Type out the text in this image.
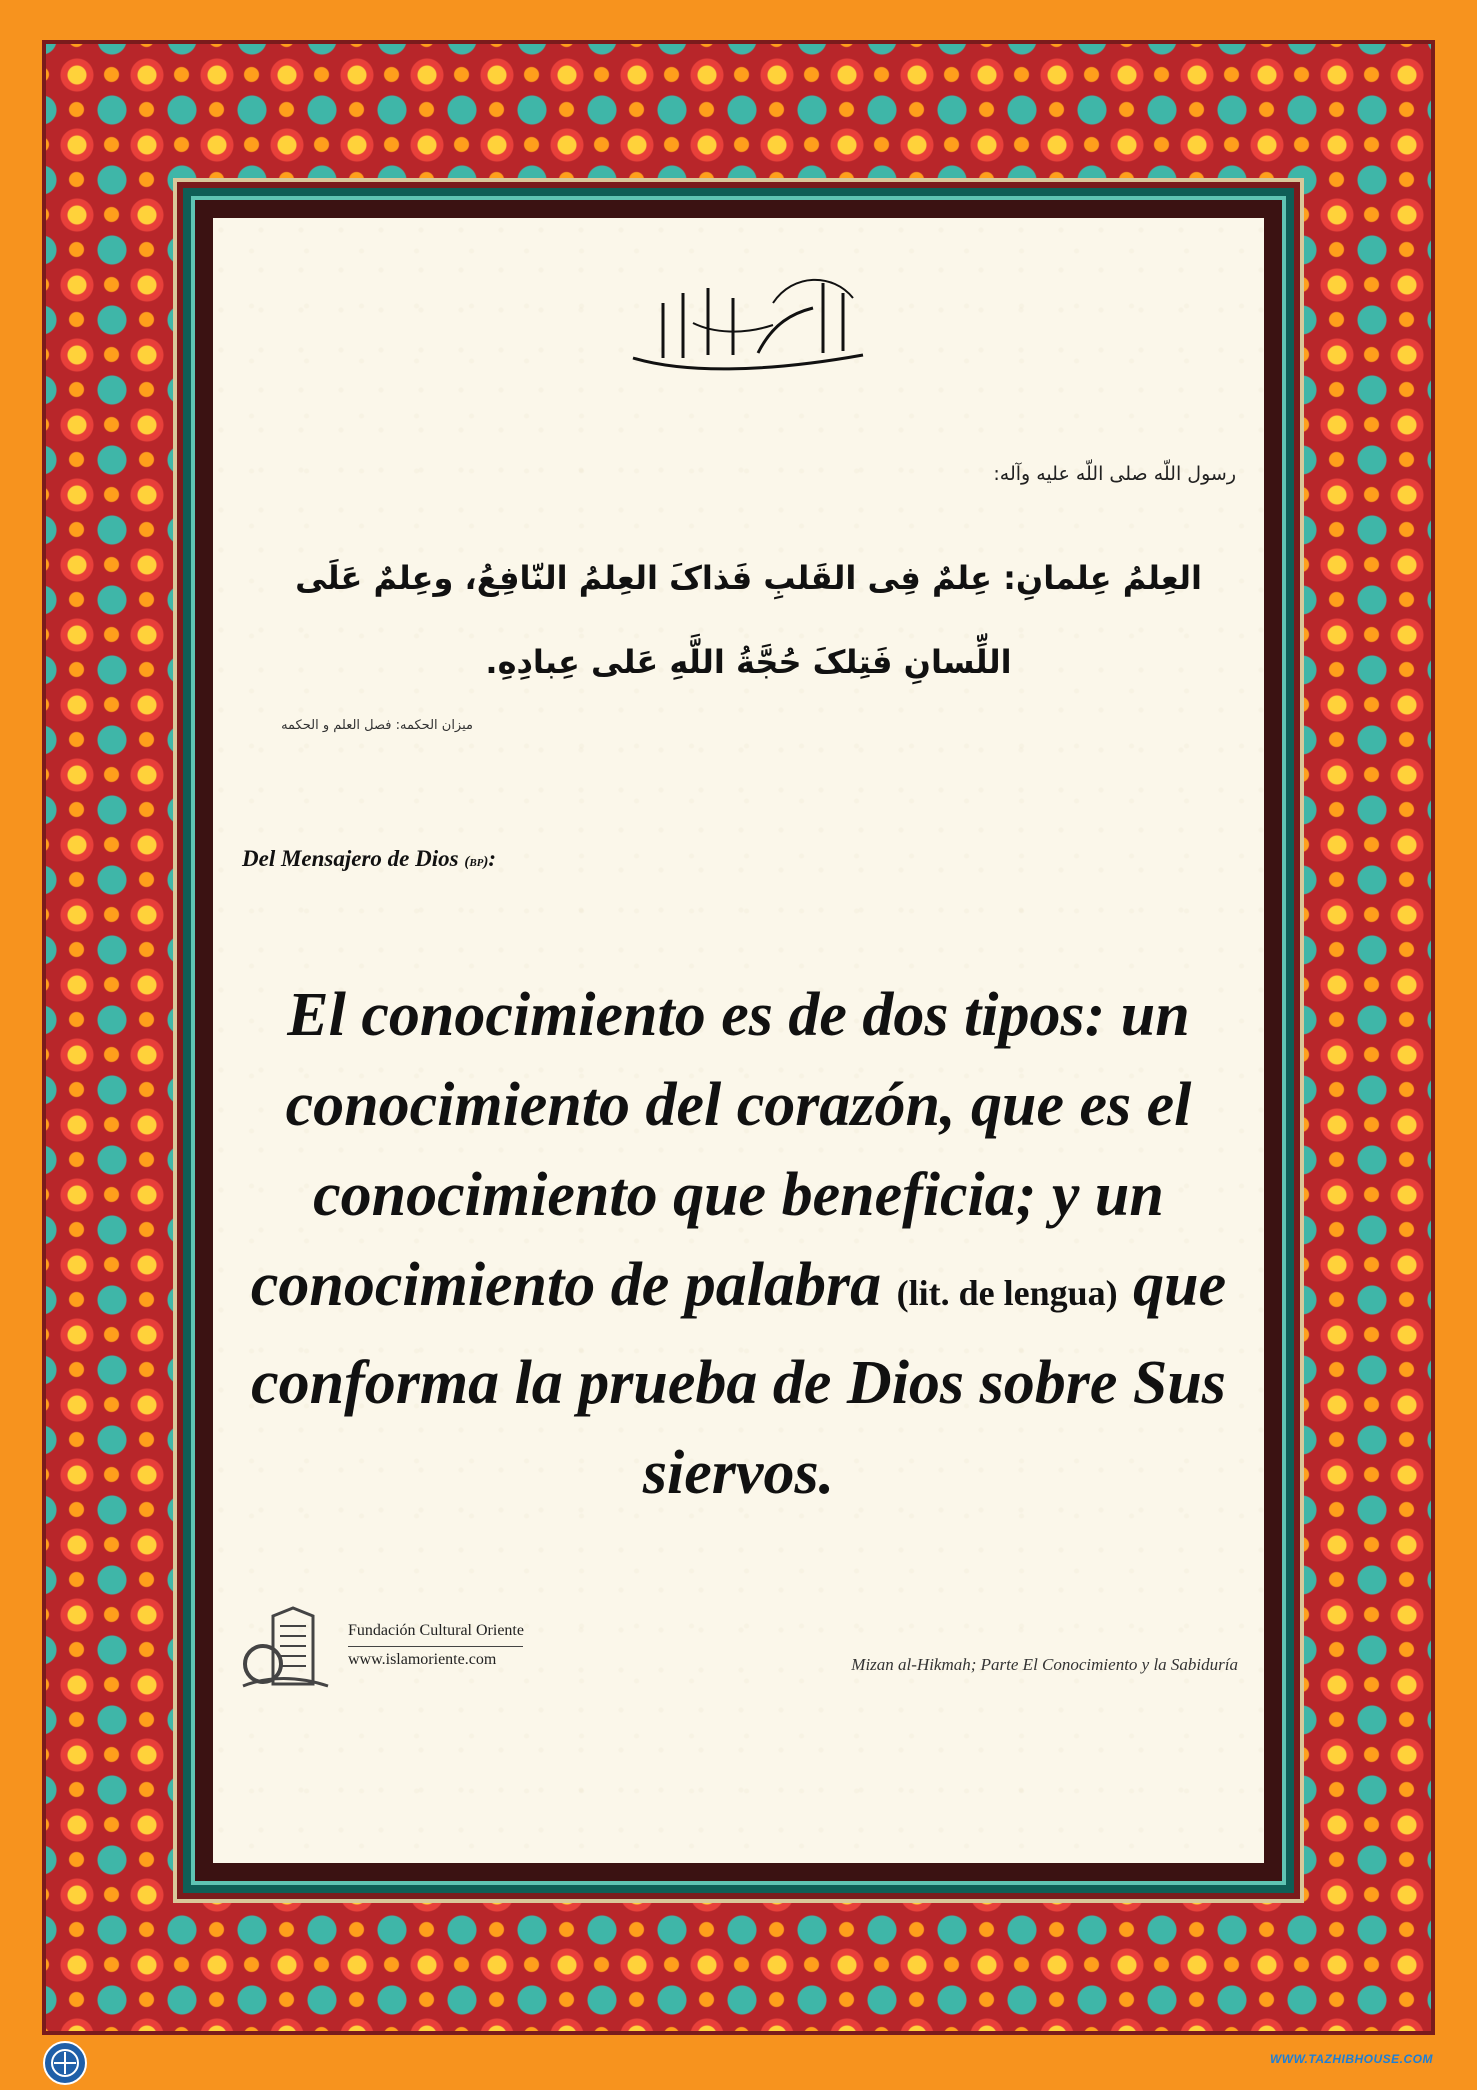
رسول اللّه صلی اللّه علیه وآله:
العِلمُ عِلمانِ: عِلمٌ فِی القَلبِ فَذاکَ العِلمُ النّافِعُ، وعِلمٌ عَلَى اللِّسانِ فَتِلکَ حُجَّةُ اللَّهِ عَلى عِبادِهِ.
میزان الحکمه: فصل العلم و الحکمه
Del Mensajero de Dios (bp):
El conocimiento es de dos tipos: un conocimiento del corazón, que es el conocimiento que beneficia; y un conocimiento de palabra (lit. de lengua) que conforma la prueba de Dios sobre Sus siervos.
Fundación Cultural Oriente
www.islamoriente.com	Mizan al-Hikmah; Parte El Conocimiento y la Sabiduría
WWW.TAZHIBHOUSE.COM
